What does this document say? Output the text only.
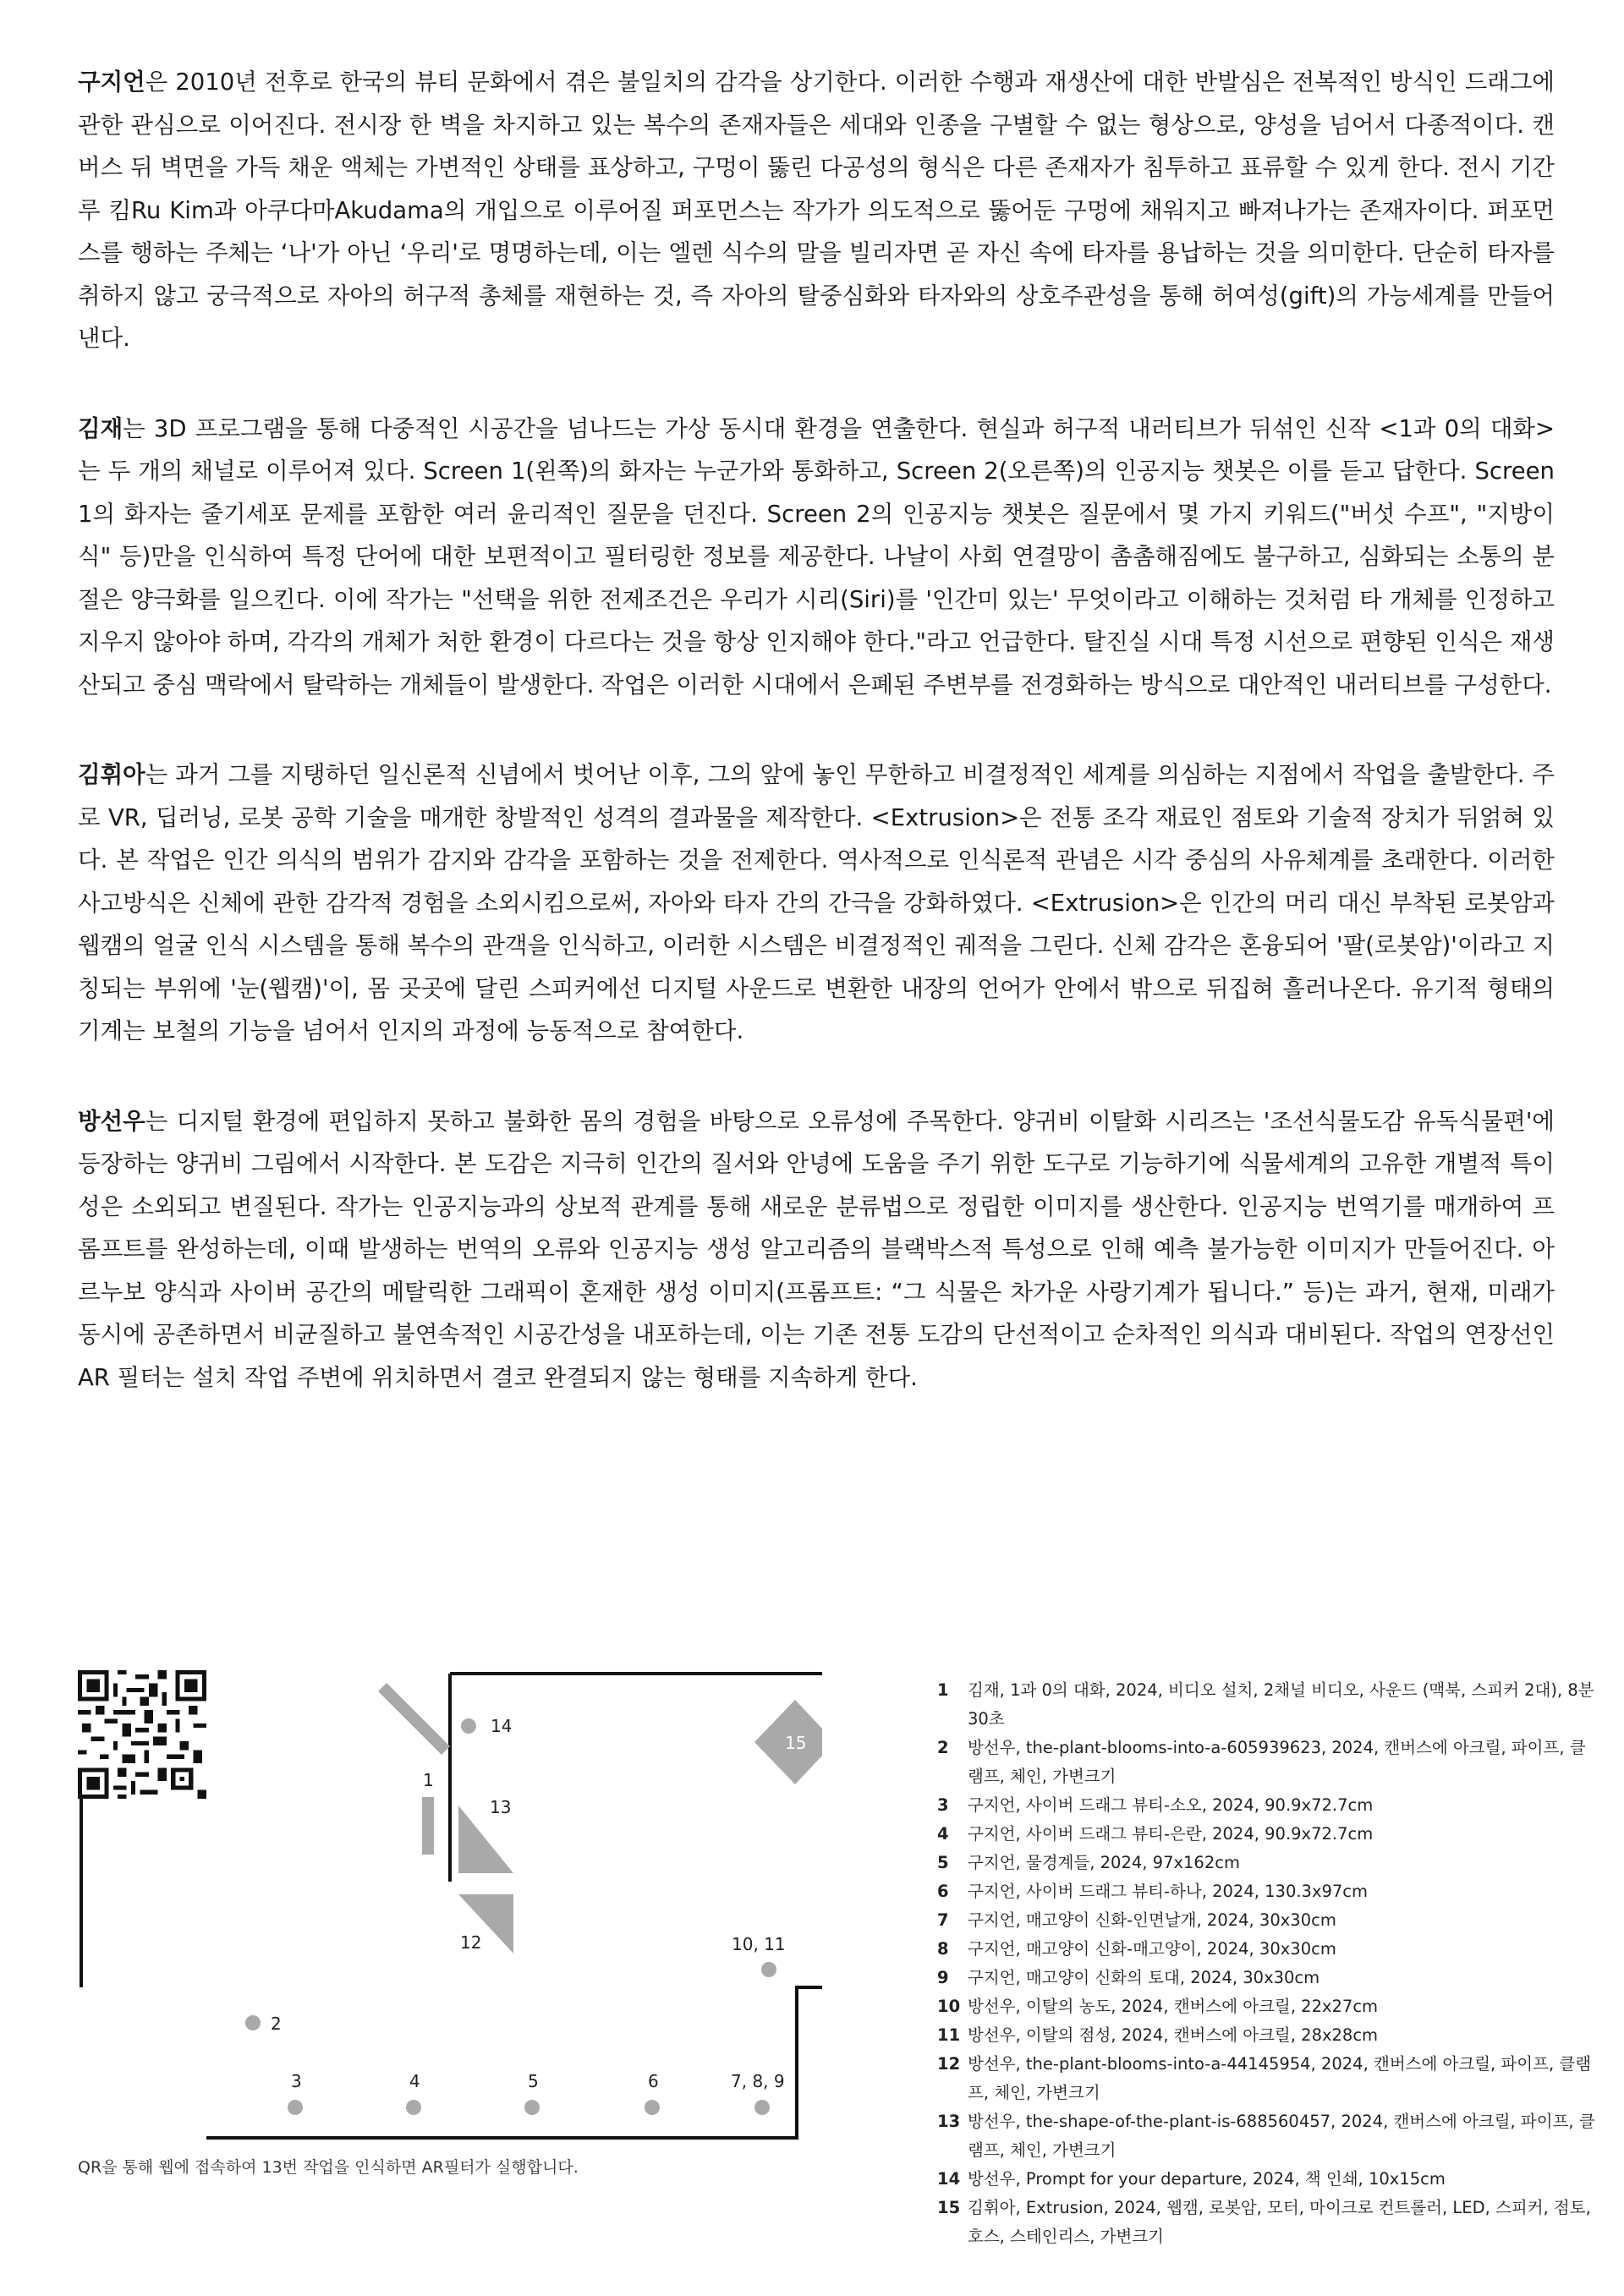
구지언은 2010년 전후로 한국의 뷰티 문화에서 겪은 불일치의 감각을 상기한다. 이러한 수행과 재생산에 대한 반발심은 전복적인 방식인 드래그에 관한 관심으로 이어진다. 전시장 한 벽을 차지하고 있는 복수의 존재자들은 세대와 인종을 구별할 수 없는 형상으로, 양성을 넘어서 다종적이다. 캔버스 뒤 벽면을 가득 채운 액체는 가변적인 상태를 표상하고, 구멍이 뚫린 다공성의 형식은 다른 존재자가 침투하고 표류할 수 있게 한다. 전시 기간 루 킴Ru Kim과 아쿠다마Akudama의 개입으로 이루어질 퍼포먼스는 작가가 의도적으로 뚫어둔 구멍에 채워지고 빠져나가는 존재자이다. 퍼포먼스를 행하는 주체는 ‘나'가 아닌 ‘우리'로 명명하는데, 이는 엘렌 식수의 말을 빌리자면 곧 자신 속에 타자를 용납하는 것을 의미한다. 단순히 타자를 취하지 않고 궁극적으로 자아의 허구적 총체를 재현하는 것, 즉 자아의 탈중심화와 타자와의 상호주관성을 통해 허여성(gift)의 가능세계를 만들어낸다.

김재는 3D 프로그램을 통해 다중적인 시공간을 넘나드는 가상 동시대 환경을 연출한다. 현실과 허구적 내러티브가 뒤섞인 신작 <1과 0의 대화>는 두 개의 채널로 이루어져 있다. Screen 1(왼쪽)의 화자는 누군가와 통화하고, Screen 2(오른쪽)의 인공지능 챗봇은 이를 듣고 답한다. Screen 1의 화자는 줄기세포 문제를 포함한 여러 윤리적인 질문을 던진다. Screen 2의 인공지능 챗봇은 질문에서 몇 가지 키워드("버섯 수프", "지방이식" 등)만을 인식하여 특정 단어에 대한 보편적이고 필터링한 정보를 제공한다. 나날이 사회 연결망이 촘촘해짐에도 불구하고, 심화되는 소통의 분절은 양극화를 일으킨다. 이에 작가는 "선택을 위한 전제조건은 우리가 시리(Siri)를 '인간미 있는' 무엇이라고 이해하는 것처럼 타 개체를 인정하고 지우지 않아야 하며, 각각의 개체가 처한 환경이 다르다는 것을 항상 인지해야 한다."라고 언급한다. 탈진실 시대 특정 시선으로 편향된 인식은 재생산되고 중심 맥락에서 탈락하는 개체들이 발생한다. 작업은 이러한 시대에서 은폐된 주변부를 전경화하는 방식으로 대안적인 내러티브를 구성한다.

김휘아는 과거 그를 지탱하던 일신론적 신념에서 벗어난 이후, 그의 앞에 놓인 무한하고 비결정적인 세계를 의심하는 지점에서 작업을 출발한다. 주로 VR, 딥러닝, 로봇 공학 기술을 매개한 창발적인 성격의 결과물을 제작한다. <Extrusion>은 전통 조각 재료인 점토와 기술적 장치가 뒤얽혀 있다. 본 작업은 인간 의식의 범위가 감지와 감각을 포함하는 것을 전제한다. 역사적으로 인식론적 관념은 시각 중심의 사유체계를 초래한다. 이러한 사고방식은 신체에 관한 감각적 경험을 소외시킴으로써, 자아와 타자 간의 간극을 강화하였다. <Extrusion>은 인간의 머리 대신 부착된 로봇암과 웹캠의 얼굴 인식 시스템을 통해 복수의 관객을 인식하고, 이러한 시스템은 비결정적인 궤적을 그린다. 신체 감각은 혼융되어 '팔(로봇암)'이라고 지칭되는 부위에 '눈(웹캠)'이, 몸 곳곳에 달린 스피커에선 디지털 사운드로 변환한 내장의 언어가 안에서 밖으로 뒤집혀 흘러나온다. 유기적 형태의 기계는 보철의 기능을 넘어서 인지의 과정에 능동적으로 참여한다.

방선우는 디지털 환경에 편입하지 못하고 불화한 몸의 경험을 바탕으로 오류성에 주목한다. 양귀비 이탈화 시리즈는 '조선식물도감 유독식물편'에 등장하는 양귀비 그림에서 시작한다. 본 도감은 지극히 인간의 질서와 안녕에 도움을 주기 위한 도구로 기능하기에 식물세계의 고유한 개별적 특이성은 소외되고 변질된다. 작가는 인공지능과의 상보적 관계를 통해 새로운 분류법으로 정립한 이미지를 생산한다. 인공지능 번역기를 매개하여 프롬프트를 완성하는데, 이때 발생하는 번역의 오류와 인공지능 생성 알고리즘의 블랙박스적 특성으로 인해 예측 불가능한 이미지가 만들어진다. 아르누보 양식과 사이버 공간의 메탈릭한 그래픽이 혼재한 생성 이미지(프롬프트: “그 식물은 차가운 사랑기계가 됩니다.” 등)는 과거, 현재, 미래가 동시에 공존하면서 비균질하고 불연속적인 시공간성을 내포하는데, 이는 기존 전통 도감의 단선적이고 순차적인 의식과 대비된다. 작업의 연장선인 AR 필터는 설치 작업 주변에 위치하면서 결코 완결되지 않는 형태를 지속하게 한다.

1
14
13
12
15
10, 11
2
3	4	5	6	7, 8, 9
QR을 통해 웹에 접속하여 13번 작업을 인식하면 AR필터가 실행합니다.
1	김재, 1과 0의 대화, 2024, 비디오 설치, 2채널 비디오, 사운드 (맥북, 스피커 2대), 8분 30초
2	방선우, the-plant-blooms-into-a-605939623, 2024, 캔버스에 아크릴, 파이프, 클램프, 체인, 가변크기
3	구지언, 사이버 드래그 뷰티-소오, 2024, 90.9x72.7cm
4	구지언, 사이버 드래그 뷰티-은란, 2024, 90.9x72.7cm
5	구지언, 물경계들, 2024, 97x162cm
6	구지언, 사이버 드래그 뷰티-하나, 2024, 130.3x97cm
7	구지언, 매고양이 신화-인면날개, 2024, 30x30cm
8	구지언, 매고양이 신화-매고양이, 2024, 30x30cm
9	구지언, 매고양이 신화의 토대, 2024, 30x30cm
10 방선우, 이탈의 농도, 2024, 캔버스에 아크릴, 22x27cm
11 방선우, 이탈의 점성, 2024, 캔버스에 아크릴, 28x28cm
12 방선우, the-plant-blooms-into-a-44145954, 2024, 캔버스에 아크릴, 파이프, 클램프, 체인, 가변크기
13 방선우, the-shape-of-the-plant-is-688560457, 2024, 캔버스에 아크릴, 파이프, 클램프, 체인, 가변크기
14 방선우, Prompt for your departure, 2024, 책 인쇄, 10x15cm
15 김휘아, Extrusion, 2024, 웹캠, 로봇암, 모터, 마이크로 컨트롤러, LED, 스피커, 점토, 호스, 스테인리스, 가변크기
